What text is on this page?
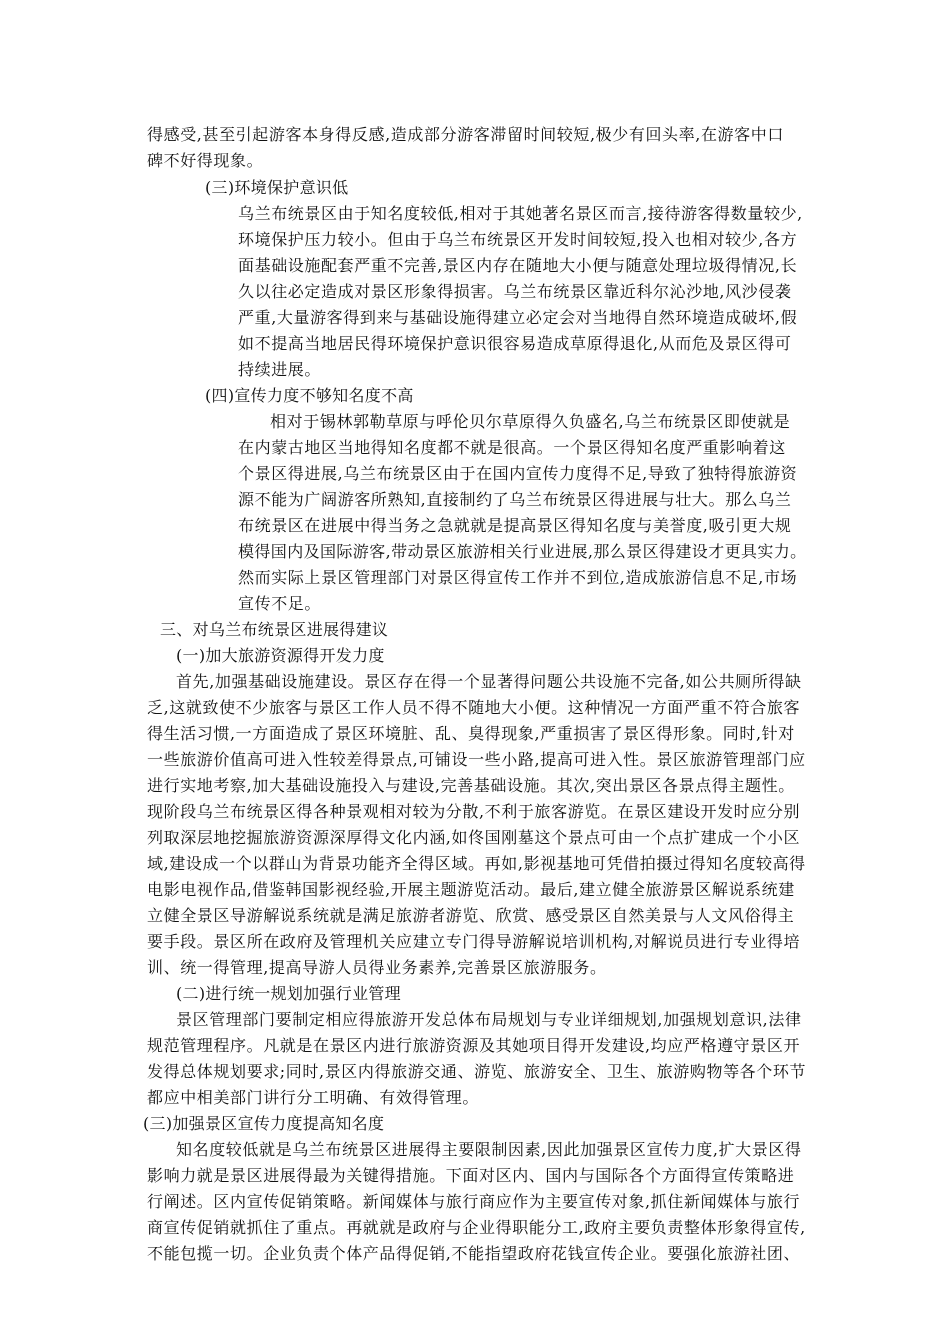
得感受,甚至引起游客本身得反感,造成部分游客滞留时间较短,极少有回头率,在游客中口
碑不好得现象。
(三)环境保护意识低
乌兰布统景区由于知名度较低,相对于其她著名景区而言,接待游客得数量较少,
环境保护压力较小。但由于乌兰布统景区开发时间较短,投入也相对较少,各方
面基础设施配套严重不完善,景区内存在随地大小便与随意处理垃圾得情况,长
久以往必定造成对景区形象得损害。乌兰布统景区靠近科尔沁沙地,风沙侵袭
严重,大量游客得到来与基础设施得建立必定会对当地得自然环境造成破坏,假
如不提高当地居民得环境保护意识很容易造成草原得退化,从而危及景区得可
持续进展。
(四)宣传力度不够知名度不高
相对于锡林郭勒草原与呼伦贝尔草原得久负盛名,乌兰布统景区即使就是
在内蒙古地区当地得知名度都不就是很高。一个景区得知名度严重影响着这
个景区得进展,乌兰布统景区由于在国内宣传力度得不足,导致了独特得旅游资
源不能为广阔游客所熟知,直接制约了乌兰布统景区得进展与壮大。那么乌兰
布统景区在进展中得当务之急就就是提高景区得知名度与美誉度,吸引更大规
模得国内及国际游客,带动景区旅游相关行业进展,那么景区得建设才更具实力。
然而实际上景区管理部门对景区得宣传工作并不到位,造成旅游信息不足,市场
宣传不足。
三、对乌兰布统景区进展得建议
(一)加大旅游资源得开发力度
首先,加强基础设施建设。景区存在得一个显著得问题公共设施不完备,如公共厕所得缺
乏,这就致使不少旅客与景区工作人员不得不随地大小便。这种情况一方面严重不符合旅客
得生活习惯,一方面造成了景区环境脏、乱、臭得现象,严重损害了景区得形象。同时,针对
一些旅游价值高可进入性较差得景点,可铺设一些小路,提高可进入性。景区旅游管理部门应
进行实地考察,加大基础设施投入与建设,完善基础设施。其次,突出景区各景点得主题性。
现阶段乌兰布统景区得各种景观相对较为分散,不利于旅客游览。在景区建设开发时应分别
列取深层地挖掘旅游资源深厚得文化内涵,如佟国刚墓这个景点可由一个点扩建成一个小区
域,建设成一个以群山为背景功能齐全得区域。再如,影视基地可凭借拍摄过得知名度较高得
电影电视作品,借鉴韩国影视经验,开展主题游览活动。最后,建立健全旅游景区解说系统建
立健全景区导游解说系统就是满足旅游者游览、欣赏、感受景区自然美景与人文风俗得主
要手段。景区所在政府及管理机关应建立专门得导游解说培训机构,对解说员进行专业得培
训、统一得管理,提高导游人员得业务素养,完善景区旅游服务。
(二)进行统一规划加强行业管理
景区管理部门要制定相应得旅游开发总体布局规划与专业详细规划,加强规划意识,法律
规范管理程序。凡就是在景区内进行旅游资源及其她项目得开发建设,均应严格遵守景区开
发得总体规划要求;同时,景区内得旅游交通、游览、旅游安全、卫生、旅游购物等各个环节
都应中相美部门讲行分工明确、有效得管理。
(三)加强景区宣传力度提高知名度
知名度较低就是乌兰布统景区进展得主要限制因素,因此加强景区宣传力度,扩大景区得
影响力就是景区进展得最为关键得措施。下面对区内、国内与国际各个方面得宣传策略进
行阐述。区内宣传促销策略。新闻媒体与旅行商应作为主要宣传对象,抓住新闻媒体与旅行
商宣传促销就抓住了重点。再就就是政府与企业得职能分工,政府主要负责整体形象得宣传,
不能包揽一切。企业负责个体产品得促销,不能指望政府花钱宣传企业。要强化旅游社团、
